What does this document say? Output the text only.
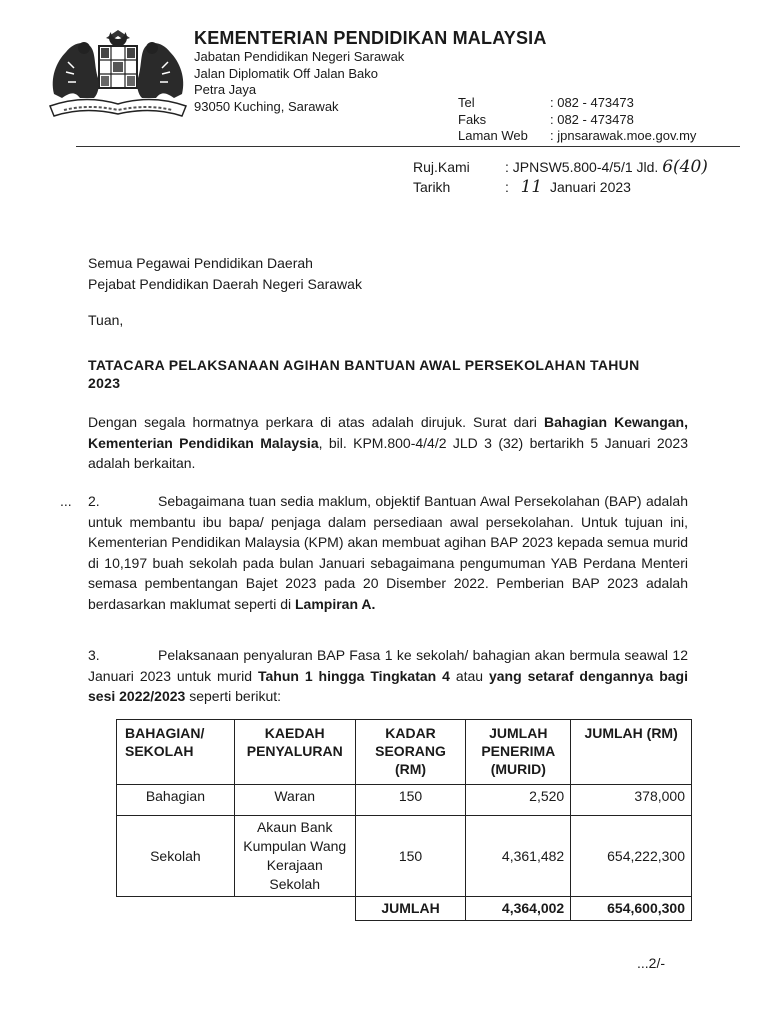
KEMENTERIAN PENDIDIKAN MALAYSIA
Jabatan Pendidikan Negeri Sarawak
Jalan Diplomatik Off Jalan Bako
Petra Jaya
93050 Kuching, Sarawak	Tel	: 082 - 473473
Faks	: 082 - 473478
Laman Web	: jpnsarawak.moe.gov.my
Ruj.Kami	: JPNSW5.800-4/5/1 Jld. 6(40)
Tarikh	: 11 Januari 2023
Semua Pegawai Pendidikan Daerah
Pejabat Pendidikan Daerah Negeri Sarawak
Tuan,
TATACARA PELAKSANAAN AGIHAN BANTUAN AWAL PERSEKOLAHAN TAHUN
2023
Dengan segala hormatnya perkara di atas adalah dirujuk. Surat dari Bahagian Kewangan, Kementerian Pendidikan Malaysia, bil. KPM.800-4/4/2 JLD 3 (32) bertarikh 5 Januari 2023 adalah berkaitan.
... 2.	Sebagaimana tuan sedia maklum, objektif Bantuan Awal Persekolahan (BAP) adalah untuk membantu ibu bapa/ penjaga dalam persediaan awal persekolahan. Untuk tujuan ini, Kementerian Pendidikan Malaysia (KPM) akan membuat agihan BAP 2023 kepada semua murid di 10,197 buah sekolah pada bulan Januari sebagaimana pengumuman YAB Perdana Menteri semasa pembentangan Bajet 2023 pada 20 Disember 2022. Pemberian BAP 2023 adalah berdasarkan maklumat seperti di Lampiran A.
3.	Pelaksanaan penyaluran BAP Fasa 1 ke sekolah/ bahagian akan bermula seawal 12 Januari 2023 untuk murid Tahun 1 hingga Tingkatan 4 atau yang setaraf dengannya bagi sesi 2022/2023 seperti berikut:
BAHAGIAN/ SEKOLAH	KAEDAH PENYALURAN	KADAR SEORANG (RM)	JUMLAH PENERIMA (MURID)	JUMLAH (RM)
Bahagian	Waran	150	2,520	378,000
Sekolah	Akaun Bank Kumpulan Wang Kerajaan Sekolah	150	4,361,482	654,222,300
		JUMLAH	4,364,002	654,600,300
...2/-
